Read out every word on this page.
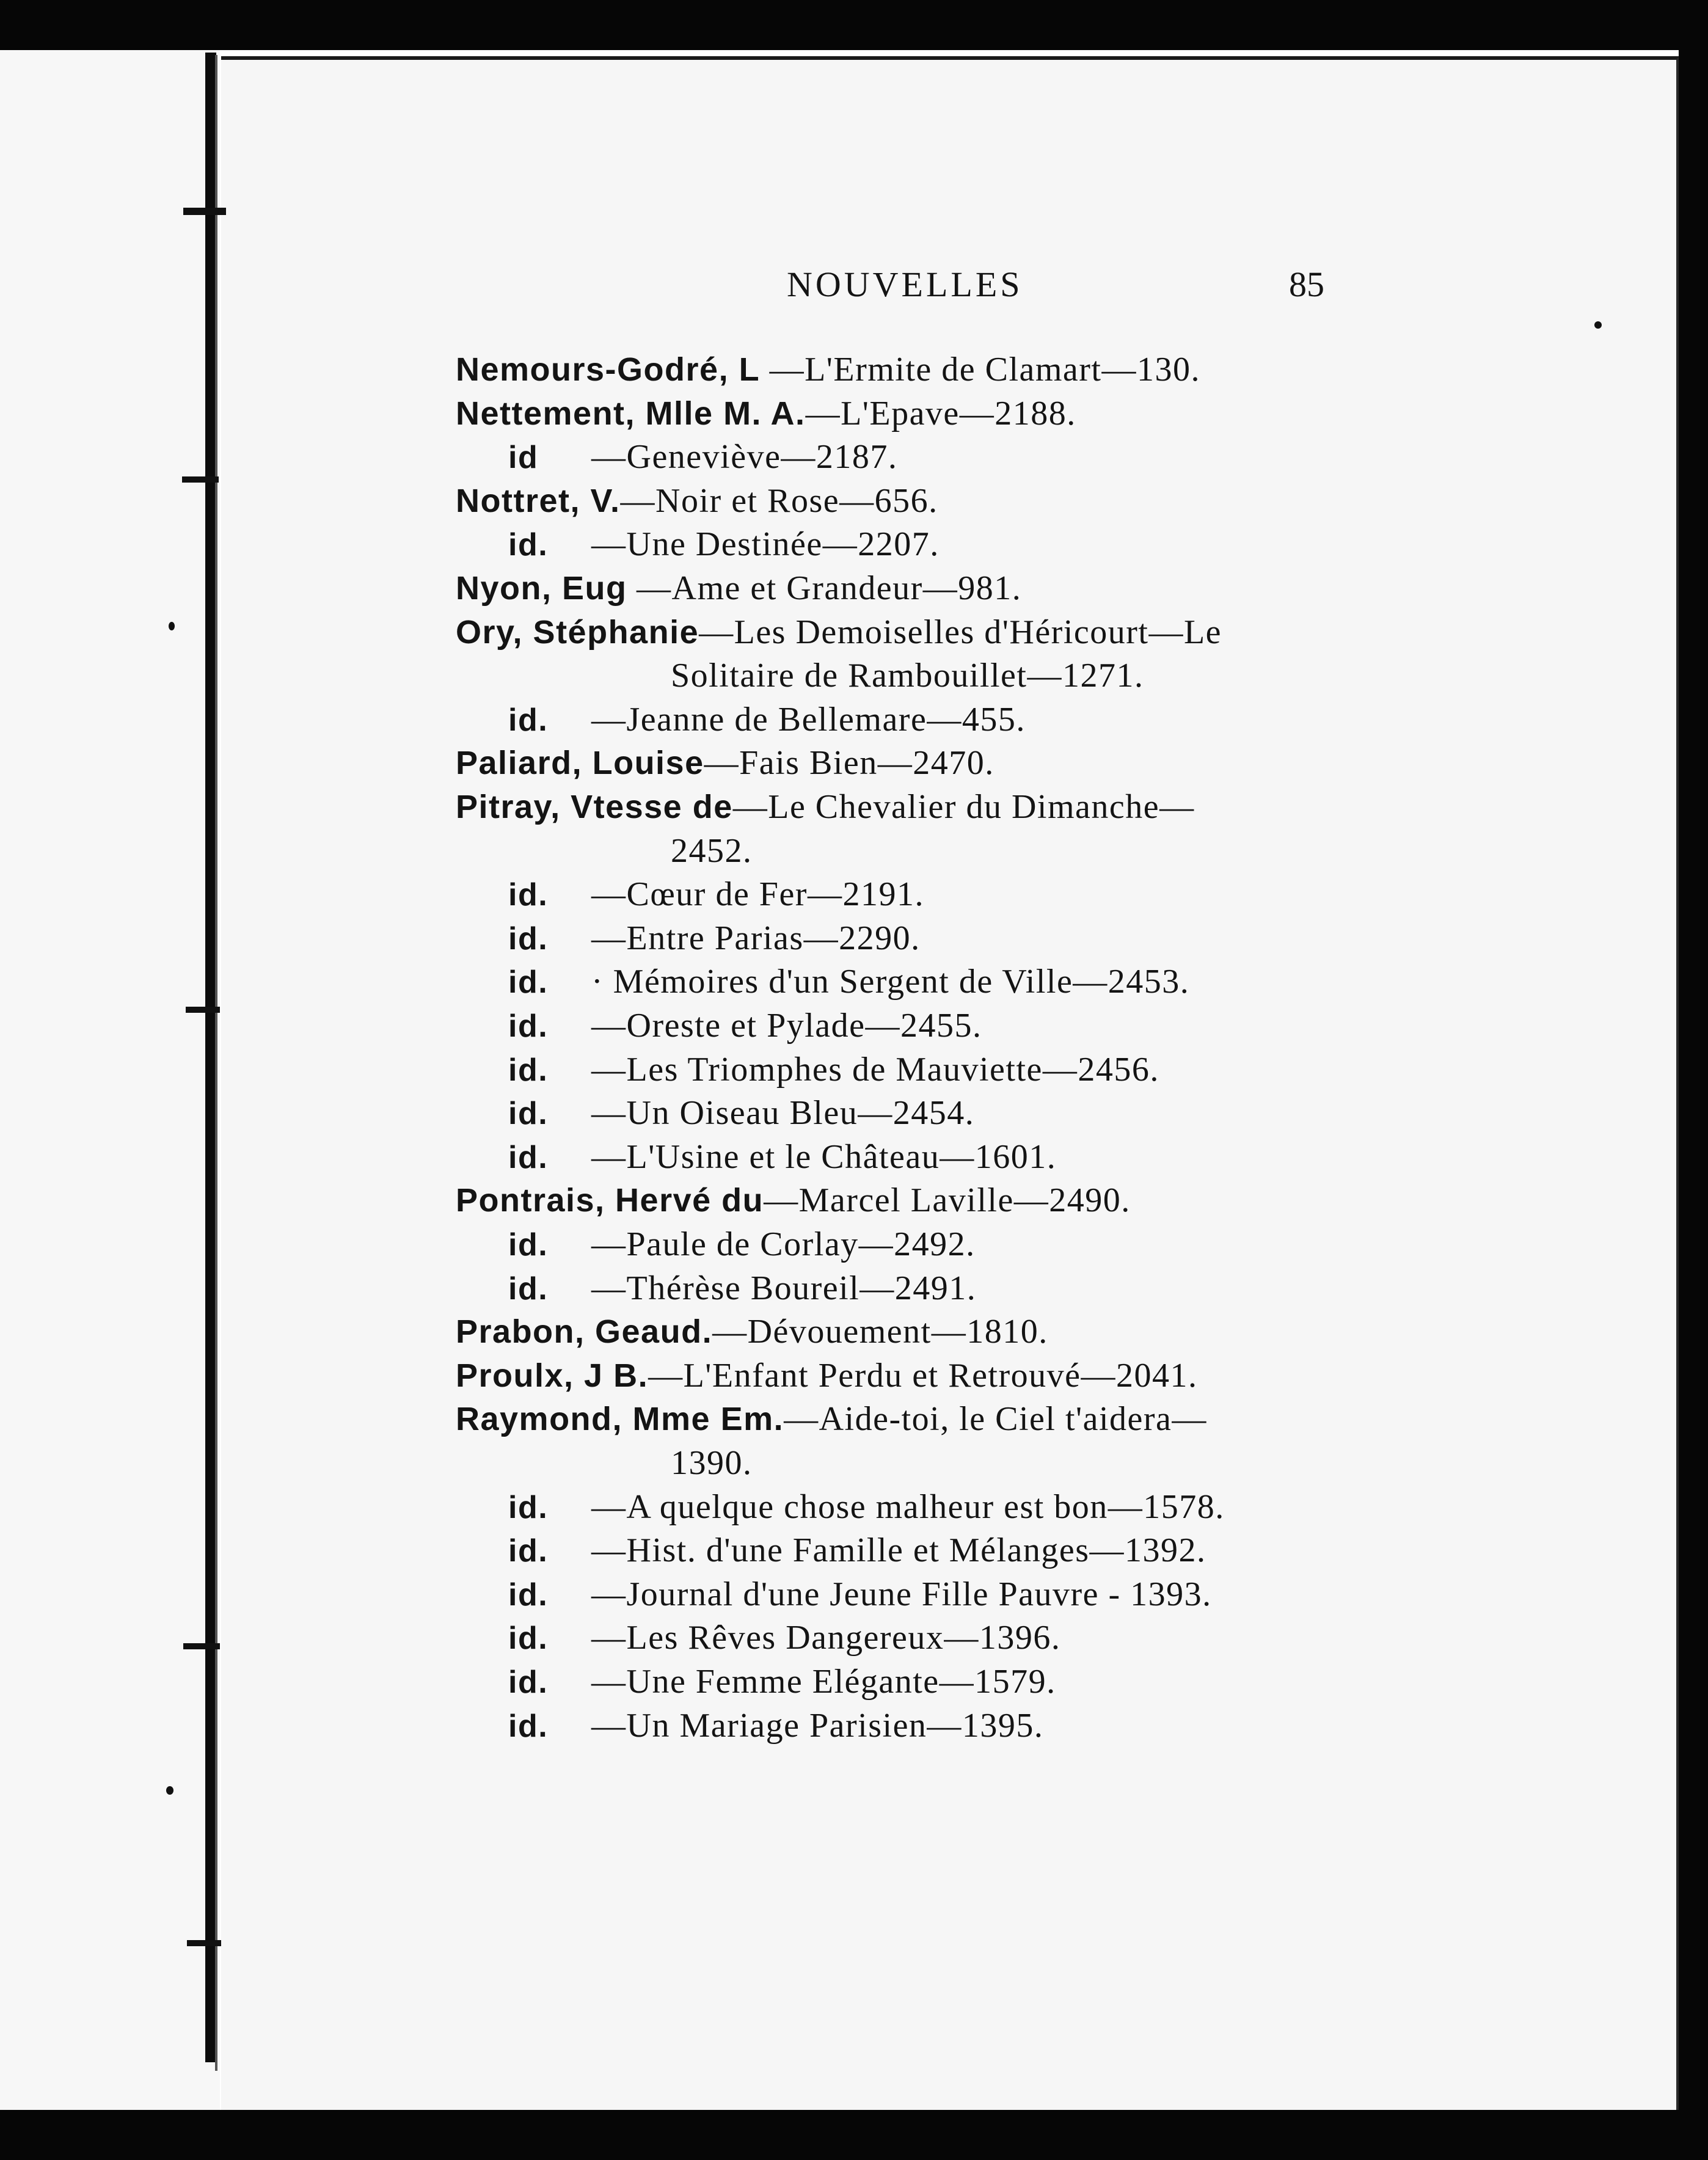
NOUVELLES	85
Nemours-Godré, L —L'Ermite de Clamart—130.
Nettement, Mlle M. A.—L'Epave—2188.
id —Geneviève—2187.
Nottret, V.—Noir et Rose—656.
id. —Une Destinée—2207.
Nyon, Eug —Ame et Grandeur—981.
Ory, Stéphanie—Les Demoiselles d'Héricourt—Le
Solitaire de Rambouillet—1271.
id. —Jeanne de Bellemare—455.
Paliard, Louise—Fais Bien—2470.
Pitray, Vtesse de—Le Chevalier du Dimanche—
2452.
id. —Cœur de Fer—2191.
id. —Entre Parias—2290.
id. · Mémoires d'un Sergent de Ville—2453.
id. —Oreste et Pylade—2455.
id. —Les Triomphes de Mauviette—2456.
id. —Un Oiseau Bleu—2454.
id. —L'Usine et le Château—1601.
Pontrais, Hervé du—Marcel Laville—2490.
id. —Paule de Corlay—2492.
id. —Thérèse Boureil—2491.
Prabon, Geaud.—Dévouement—1810.
Proulx, J B.—L'Enfant Perdu et Retrouvé—2041.
Raymond, Mme Em.—Aide-toi, le Ciel t'aidera—
1390.
id. —A quelque chose malheur est bon—1578.
id. —Hist. d'une Famille et Mélanges—1392.
id. —Journal d'une Jeune Fille Pauvre - 1393.
id. —Les Rêves Dangereux—1396.
id. —Une Femme Elégante—1579.
id. —Un Mariage Parisien—1395.
